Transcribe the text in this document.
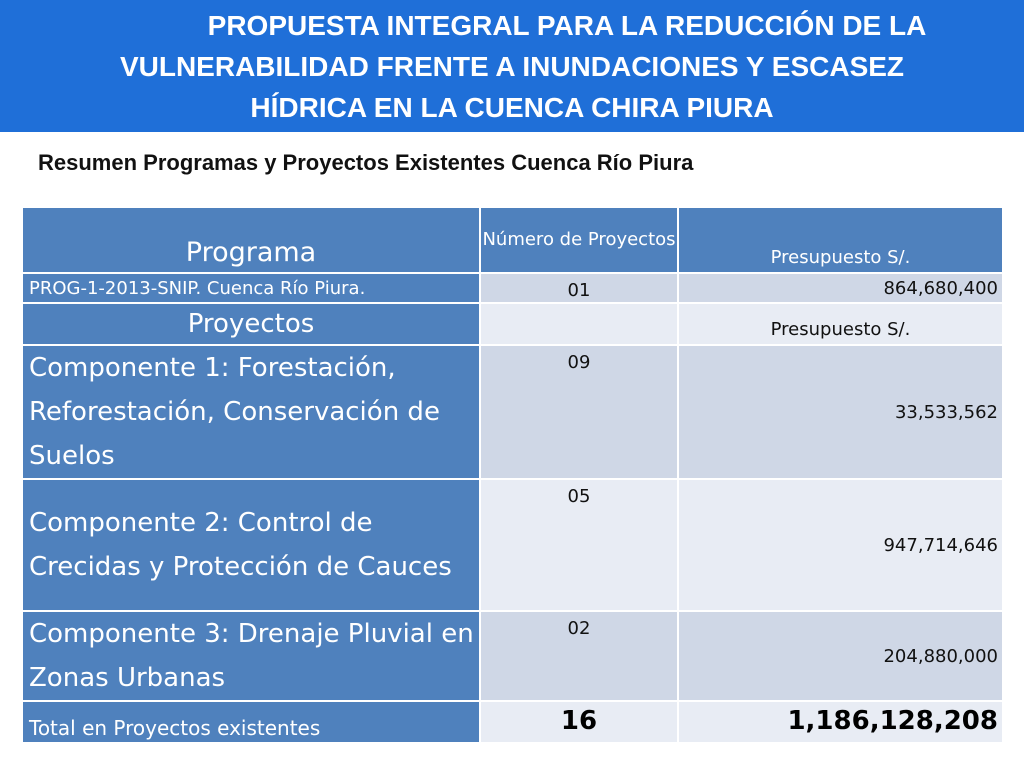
PROPUESTA INTEGRAL PARA LA REDUCCIÓN DE LA
VULNERABILIDAD FRENTE A INUNDACIONES Y ESCASEZ
HÍDRICA EN LA CUENCA CHIRA PIURA
Resumen Programas y Proyectos Existentes Cuenca Río Piura
Programa	Número de Proyectos	Presupuesto S/.
PROG-1-2013-SNIP. Cuenca Río Piura.	01	864,680,400
Proyectos		Presupuesto S/.
Componente 1: Forestación, Reforestación, Conservación de Suelos	09	33,533,562
Componente 2: Control de Crecidas y Protección de Cauces	05	947,714,646
Componente 3: Drenaje Pluvial en Zonas Urbanas	02	204,880,000
Total en Proyectos existentes	16	1,186,128,208
